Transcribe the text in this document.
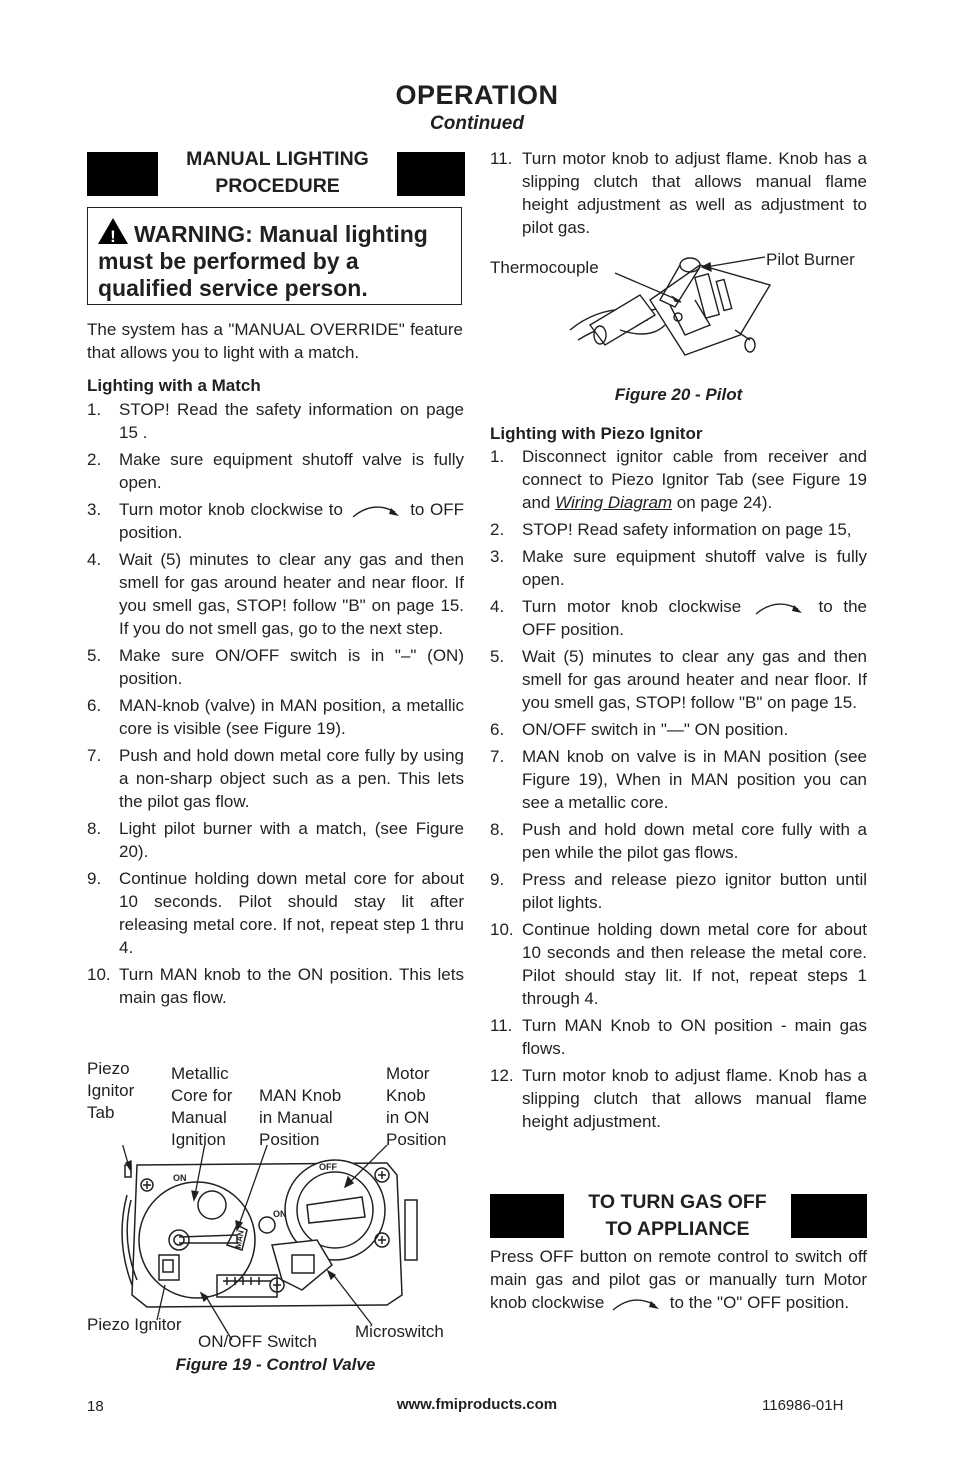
OPERATION
Continued
MANUAL LIGHTING
PROCEDURE
! WARNING: Manual lighting must be performed by a qualified service person.
The system has a "MANUAL OVERRIDE" feature that allows you to light with a match.
Lighting with a Match
1. STOP! Read the safety information on page 15 .
2. Make sure equipment shutoff valve is fully open.
3. Turn motor knob clockwise to	to OFF position.
4. Wait (5) minutes to clear any gas and then smell for gas around heater and near floor. If you smell gas, STOP! follow "B" on page 15. If you do not smell gas, go to the next step.
5. Make sure ON/OFF switch is in "–" (ON) position.
6. MAN-knob (valve) in MAN position, a metallic core is visible (see Figure 19).
7. Push and hold down metal core fully by using a non-sharp object such as a pen. This lets the pilot gas flow.
8. Light pilot burner with a match, (see Figure 20).
9. Continue holding down metal core for about 10 seconds. Pilot should stay lit after releasing metal core. If not, repeat step 1 thru 4.
10. Turn MAN knob to the ON position. This lets main gas flow.
Piezo
Ignitor
Tab
Metallic
Core for
Manual
Ignition
MAN Knob
in Manual
Position
Motor
Knob
in ON
Position
MAN
ON
OFF
ON
Piezo Ignitor
ON/OFF Switch
Microswitch
Figure 19 - Control Valve
11. Turn motor knob to adjust flame. Knob has a slipping clutch that allows manual flame height adjustment as well as adjustment to pilot gas.
Thermocouple	Pilot Burner
Figure 20 - Pilot
Lighting with Piezo Ignitor
1. Disconnect ignitor cable from receiver and connect to Piezo Ignitor Tab (see Figure 19 and Wiring Diagram on page 24).
2. STOP! Read safety information on page 15,
3. Make sure equipment shutoff valve is fully open.
4. Turn motor knob clockwise	to the OFF position.
5. Wait (5) minutes to clear any gas and then smell for gas around heater and near floor. If you smell gas, STOP! follow "B" on page 15.
6. ON/OFF switch in "—" ON position.
7. MAN knob on valve is in MAN position (see Figure 19), When in MAN position you can see a metallic core.
8. Push and hold down metal core fully with a pen while the pilot gas flows.
9. Press and release piezo ignitor button until pilot lights.
10. Continue holding down metal core for about 10 seconds and then release the metal core. Pilot should stay lit. If not, repeat steps 1 through 4.
11. Turn MAN Knob to ON position - main gas flows.
12. Turn motor knob to adjust flame. Knob has a slipping clutch that allows manual flame height adjustment.
TO TURN GAS OFF
TO APPLIANCE
Press OFF button on remote control to switch off main gas and pilot gas or manually turn Motor knob clockwise	to the "O" OFF position.
18	www.fmiproducts.com	116986-01H
